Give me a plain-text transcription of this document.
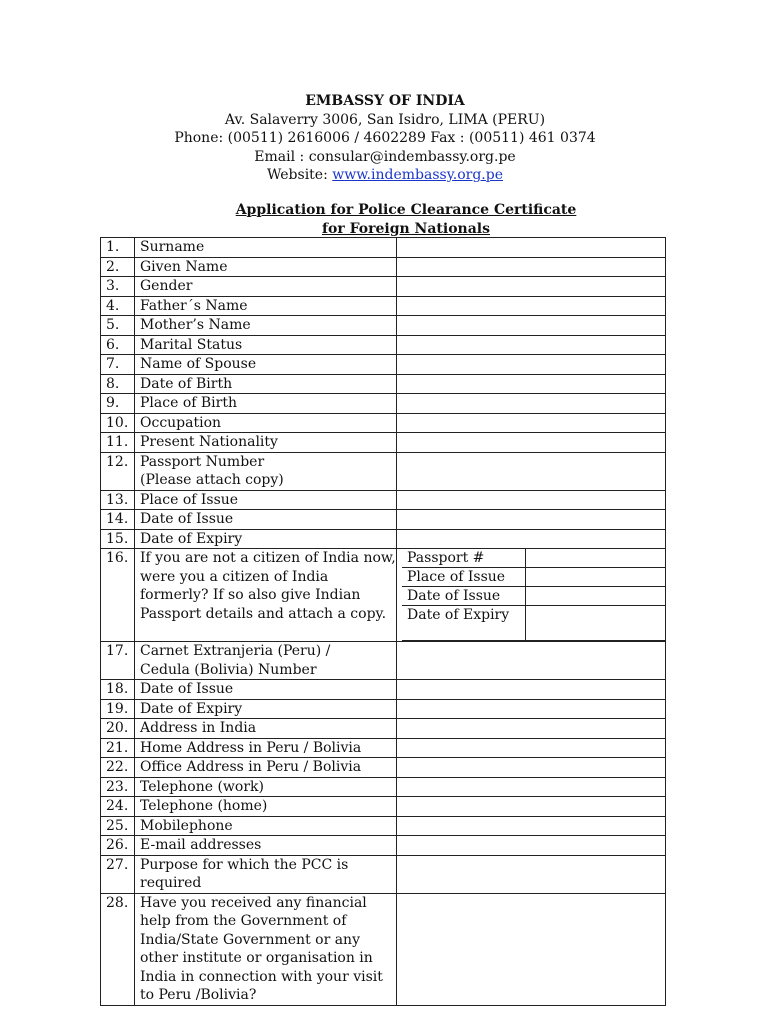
EMBASSY OF INDIA
Av. Salaverry 3006, San Isidro, LIMA (PERU)
Phone: (00511) 2616006 / 4602289 Fax : (00511) 461 0374
Email : consular@indembassy.org.pe
Website: www.indembassy.org.pe
Application for Police Clearance Certificate
for Foreign Nationals
1.	Surname	
2.	Given Name	
3.	Gender	
4.	Father´s Name	
5.	Mother’s Name	
6.	Marital Status	
7.	Name of Spouse	
8.	Date of Birth	
9.	Place of Birth	
10.	Occupation	
11.	Present Nationality	
12.	Passport Number
(Please attach copy)	
13.	Place of Issue	
14.	Date of Issue	
15.	Date of Expiry	
16.	If you are not a citizen of India now, were you a citizen of India formerly? If so also give Indian Passport details and attach a copy.	
Passport #	
Place of Issue	
Date of Issue	
Date of Expiry	

17.	Carnet Extranjeria (Peru) /
Cedula (Bolivia) Number	
18.	Date of Issue	
19.	Date of Expiry	
20.	Address in India	
21.	Home Address in Peru / Bolivia	
22.	Office Address in Peru / Bolivia	
23.	Telephone (work)	
24.	Telephone (home)	
25.	Mobilephone	
26.	E-mail addresses	
27.	Purpose for which the PCC is required	
28.	Have you received any financial help from the Government of India/State Government or any other institute or organisation in India in connection with your visit to Peru /Bolivia?	
